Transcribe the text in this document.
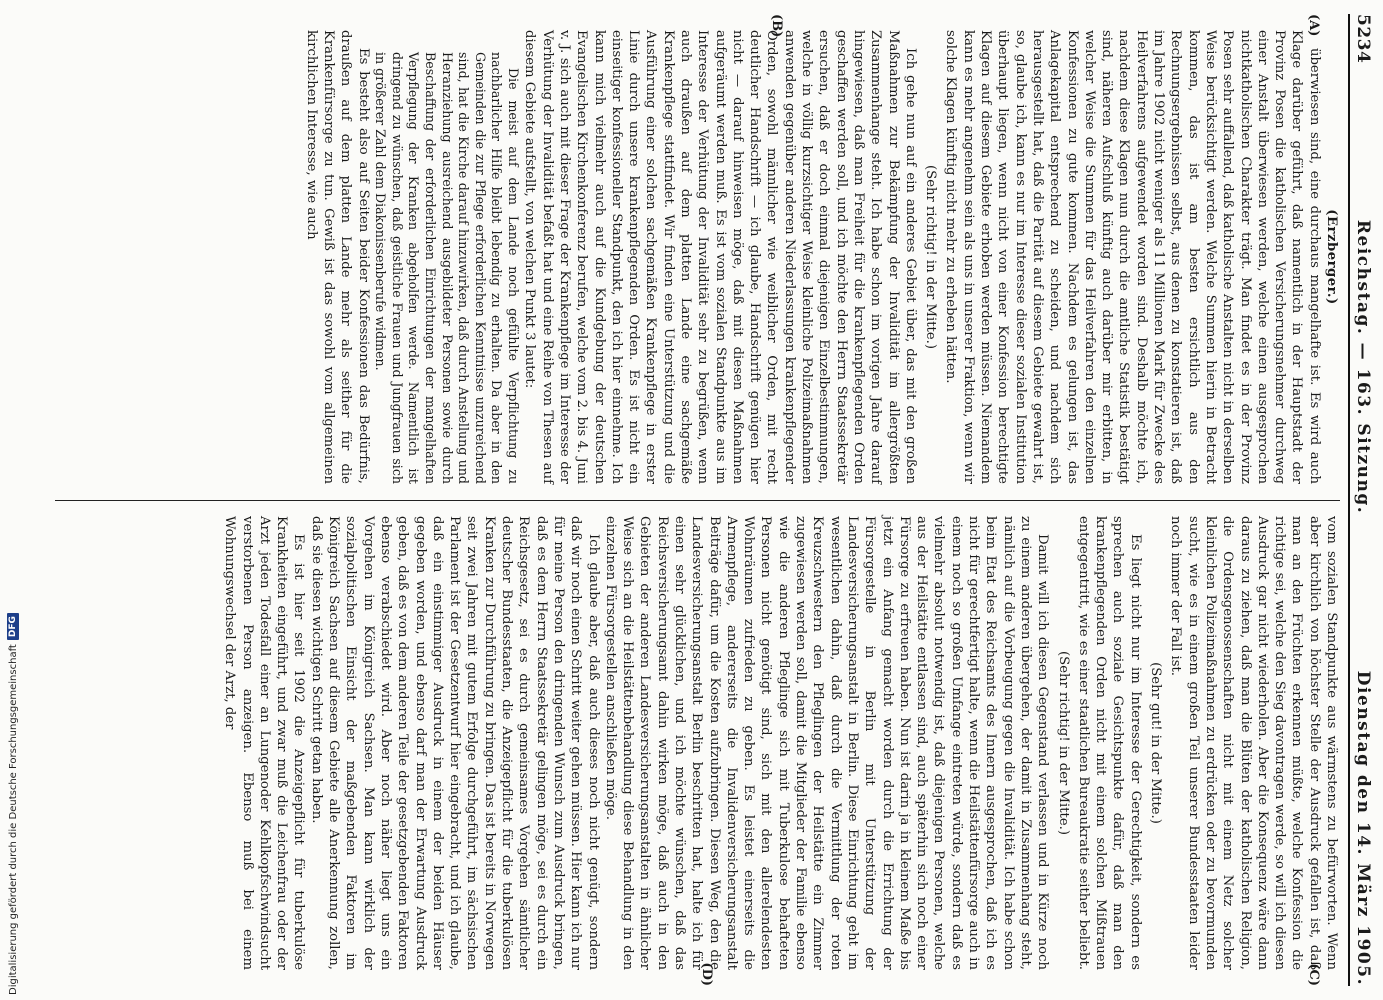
5234
Reichstag. — 163. Sitzung.
Dienstag den 14. März 1905.
(A)
(B)

(Erzberger.)

überwiesen sind, eine durchaus mangelhafte ist. Es wird auch Klage darüber geführt, daß namentlich in der Hauptstadt der Provinz Posen die katholischen Versicherungsnehmer durchweg einer Anstalt überwiesen werden, welche einen ausgesprochen nichtkatholischen Charakter trägt. Man findet es in der Provinz Posen sehr auffallend, daß katholische Anstalten nicht in derselben Weise berücksichtigt werden. Welche Summen hierin in Betracht kommen, das ist am besten ersichtlich aus den Rechnungsergebnissen selbst, aus denen zu konstatieren ist, daß im Jahre 1902 nicht weniger als 11 Millionen Mark für Zwecke des Heilverfahrens aufgewendet worden sind. Deshalb möchte ich, nachdem diese Klagen nun durch die amtliche Statistik bestätigt sind, näheren Aufschluß künftig auch darüber mir erbitten, in welcher Weise die Summen für das Heilverfahren den einzelnen Konfessionen zu gute kommen. Nachdem es gelungen ist, das Anlagekapital entsprechend zu scheiden, und nachdem sich herausgestellt hat, daß die Parität auf diesem Gebiete gewahrt ist, so, glaube ich, kann es nur im Interesse dieser sozialen Institution überhaupt liegen, wenn nicht von einer Konfession berechtigte Klagen auf diesem Gebiete erhoben werden müssen. Niemandem kann es mehr angenehm sein als uns in unserer Fraktion, wenn wir solche Klagen künftig nicht mehr zu erheben hätten.

(Sehr richtig! in der Mitte.)

Ich gehe nun auf ein anderes Gebiet über, das mit den großen Maßnahmen zur Bekämpfung der Invalidität im allergrößten Zusammenhange steht. Ich habe schon im vorigen Jahre darauf hingewiesen, daß man Freiheit für die krankenpflegenden Orden geschaffen werden soll, und ich möchte den Herrn Staatssekretär ersuchen, daß er doch einmal diejenigen Einzelbestimmungen, welche in völlig kurzsichtiger Weise kleinliche Polizeimaßnahmen anwenden gegenüber anderen Niederlassungen krankenpflegender Orden, sowohl männlicher wie weiblicher Orden, mit recht deutlicher Handschrift — ich glaube, Handschrift genügen hier nicht — darauf hinweisen möge, daß mit diesen Maßnahmen aufgeräumt werden muß. Es ist vom sozialen Standpunkte aus im Interesse der Verhütung der Invalidität sehr zu begrüßen, wenn auch draußen auf dem platten Lande eine sachgemäße Krankenpflege stattfindet. Wir finden eine Unterstützung und die Ausführung einer solchen sachgemäßen Krankenpflege in erster Linie durch unsere krankenpflegenden Orden. Es ist nicht ein einseitiger konfessioneller Standpunkt, den ich hier einnehme. Ich kann mich vielmehr auch auf die Kundgebung der deutschen Evangelischen Kirchenkonferenz berufen, welche vom 2. bis 4. Juni v. J. sich auch mit dieser Frage der Krankenpflege im Interesse der Verhütung der Invalidität befaßt hat und eine Reihe von Thesen auf diesem Gebiete aufstellt, von welchen Punkt 3 lautet:

Die meist auf dem Lande noch gefühlte Verpflichtung zu nachbarlicher Hilfe bleibt lebendig zu erhalten. Da aber in den Gemeinden die zur Pflege erforderlichen Kenntnisse unzureichend sind, hat die Kirche darauf hinzuwirken, daß durch Anstellung und Heranziehung ausreichend ausgebildeter Personen sowie durch Beschaffung der erforderlichen Einrichtungen der mangelhaften Verpflegung der Kranken abgeholfen werde. Namentlich ist dringend zu wünschen, daß geistliche Frauen und Jungfrauen sich in größerer Zahl dem Diakonissenberufe widmen.

Es besteht also auf Seiten beider Konfessionen das Bedürfnis, draußen auf dem platten Lande mehr als seither für die Krankenfürsorge zu tun. Gewiß ist das sowohl vom allgemeinen kirchlichen Interesse, wie auch

(C)
(D)

vom sozialen Standpunkte aus wärmstens zu befürworten. Wenn aber kirchlich von höchster Stelle der Ausdruck gefallen ist, daß man an den Früchten erkennen müßte, welche Konfession die richtige sei, welche den Sieg davontragen werde, so will ich diesen Ausdruck gar nicht wiederholen. Aber die Konsequenz wäre dann daraus zu ziehen, daß man die Blüten der katholischen Religion, die Ordensgenossenschaften nicht mit einem Netz solcher kleinlichen Polizeimaßnahmen zu erdrücken oder zu bevormunden sucht, wie es in einem großen Teil unserer Bundesstaaten leider noch immer der Fall ist.

(Sehr gut! in der Mitte.)

Es liegt nicht nur im Interesse der Gerechtigkeit, sondern es sprechen auch soziale Gesichtspunkte dafür, daß man den krankenpflegenden Orden nicht mit einem solchen Mißtrauen entgegentritt, wie es einer staatlichen Bureaukratie seither beliebt.

(Sehr richtig! in der Mitte.)

Damit will ich diesen Gegenstand verlassen und in Kürze noch zu einem anderen übergehen, der damit in Zusammenhang steht, nämlich auf die Vorbeugung gegen die Invalidität. Ich habe schon beim Etat des Reichsamts des Innern ausgesprochen, daß ich es nicht für gerechtfertigt halte, wenn die Heilstättenfürsorge auch in einem noch so großen Umfange eintreten würde, sondern daß es vielmehr absolut notwendig ist, daß diejenigen Personen, welche aus der Heilstätte entlassen sind, auch späterhin sich noch einer Fürsorge zu erfreuen haben. Nun ist darin ja in kleinem Maße bis jetzt ein Anfang gemacht worden durch die Errichtung der Fürsorgestelle in Berlin mit Unterstützung der Landesversicherungsanstalt in Berlin. Diese Einrichtung geht im wesentlichen dahin, daß durch die Vermittlung der roten Kreuzschwestern den Pfleglingen der Heilstätte ein Zimmer zugewiesen werden soll, damit die Mitglieder der Familie ebenso wie die anderen Pfleglinge sich mit Tuberkulose behafteten Personen nicht genötigt sind, sich mit den allerelendesten Wohnräumen zufrieden zu geben. Es leistet einerseits die Armenpflege, andererseits die Invalidenversicherungsanstalt Beiträge dafür, um die Kosten aufzubringen. Diesen Weg, den die Landesversicherungsanstalt Berlin beschritten hat, halte ich für einen sehr glücklichen, und ich möchte wünschen, daß das Reichsversicherungsamt dahin wirken möge, daß auch in den Gebieten der anderen Landesversicherungsanstalten in ähnlicher Weise sich an die Heilstättenbehandlung diese Behandlung in den einzelnen Fürsorgestellen anschließen möge.

Ich glaube aber, daß auch dieses noch nicht genügt, sondern daß wir noch einen Schritt weiter gehen müssen. Hier kann ich nur für meine Person den dringenden Wunsch zum Ausdruck bringen, daß es dem Herrn Staatssekretär gelingen möge, sei es durch ein Reichsgesetz, sei es durch gemeinsames Vorgehen sämtlicher deutscher Bundesstaaten, die Anzeigepflicht für die tuberkulösen Kranken zur Durchführung zu bringen. Das ist bereits in Norwegen seit zwei Jahren mit gutem Erfolge durchgeführt, im sächsischen Parlament ist der Gesetzentwurf hier eingebracht, und ich glaube, daß ein einstimmiger Ausdruck in einem der beiden Häuser gegeben worden, und ebenso darf man der Erwartung Ausdruck geben, daß es von dem anderen Teile der gesetzgebenden Faktoren ebenso verabschiedet wird. Aber noch näher liegt uns ein Vorgehen im Königreich Sachsen. Man kann wirklich der sozialpolitischen Einsicht der maßgebenden Faktoren im Königreich Sachsen auf diesem Gebiete alle Anerkennung zollen, daß sie diesen wichtigen Schritt getan haben.

Es ist hier seit 1902 die Anzeigepflicht für tuberkulöse Krankheiten eingeführt, und zwar muß die Leichenfrau oder der Arzt jeden Todesfall einer an Lungenoder Kehlkopfschwindsucht verstorbenen Person anzeigen. Ebenso muß bei einem Wohnungswechsel der Arzt, der

Digitalisierung gefördert durch die Deutsche Forschungsgemeinschaft
DFG
